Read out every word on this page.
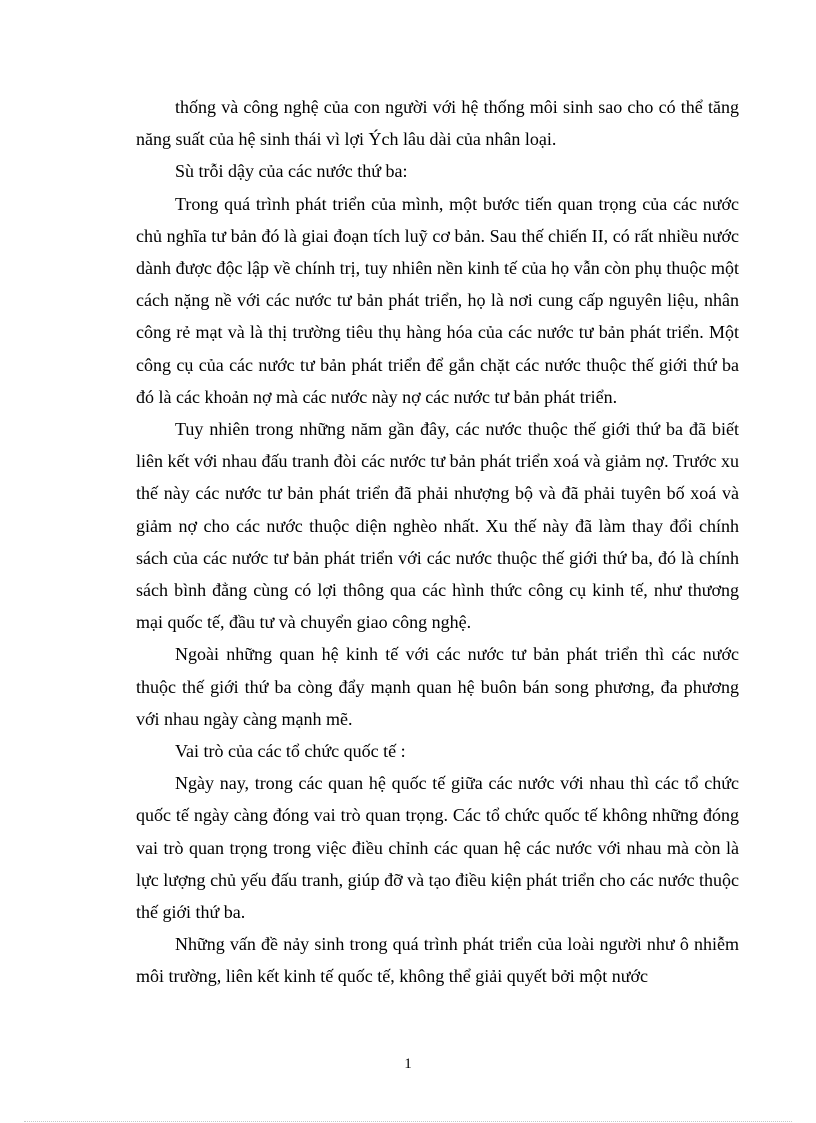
thống và công nghệ của con người với hệ thống môi sinh sao cho có thể tăng năng suất của hệ sinh thái vì lợi Ých lâu dài của nhân loại.

Sù trỗi dậy của các nước thứ ba:

Trong quá trình phát triển của mình, một bước tiến quan trọng của các nước chủ nghĩa tư bản đó là giai đoạn tích luỹ cơ bản. Sau thế chiến II, có rất nhiều nước dành được độc lập về chính trị, tuy nhiên nền kinh tế của họ vẫn còn phụ thuộc một cách nặng nề với các nước tư bản phát triển, họ là nơi cung cấp nguyên liệu, nhân công rẻ mạt và là thị trường tiêu thụ hàng hóa của các nước tư bản phát triển. Một công cụ của các nước tư bản phát triển để gắn chặt các nước thuộc thế giới thứ ba đó là các khoản nợ mà các nước này nợ các nước tư bản phát triển.

Tuy nhiên trong những năm gần đây, các nước thuộc thế giới thứ ba đã biết liên kết với nhau đấu tranh đòi các nước tư bản phát triển xoá và giảm nợ. Trước xu thế này các nước tư bản phát triển đã phải nhượng bộ và đã phải tuyên bố xoá và giảm nợ cho các nước thuộc diện nghèo nhất. Xu thế này đã làm thay đổi chính sách của các nước tư bản phát triển với các nước thuộc thế giới thứ ba, đó là chính sách bình đẳng cùng có lợi thông qua các hình thức công cụ kinh tế, như thương mại quốc tế, đầu tư và chuyển giao công nghệ.

Ngoài những quan hệ kinh tế với các nước tư bản phát triển thì các nước thuộc thế giới thứ ba còng đẩy mạnh quan hệ buôn bán song phương, đa phương với nhau ngày càng mạnh mẽ.

Vai trò của các tổ chức quốc tế :

Ngày nay, trong các quan hệ quốc tế giữa các nước với nhau thì các tổ chức quốc tế ngày càng đóng vai trò quan trọng. Các tổ chức quốc tế không những đóng vai trò quan trọng trong việc điều chỉnh các quan hệ các nước với nhau mà còn là lực lượng chủ yếu đấu tranh, giúp đỡ và tạo điều kiện phát triển cho các nước thuộc thế giới thứ ba.

Những vấn đề nảy sinh trong quá trình phát triển của loài người như ô nhiễm môi trường, liên kết kinh tế quốc tế, không thể giải quyết bởi một nước

1
